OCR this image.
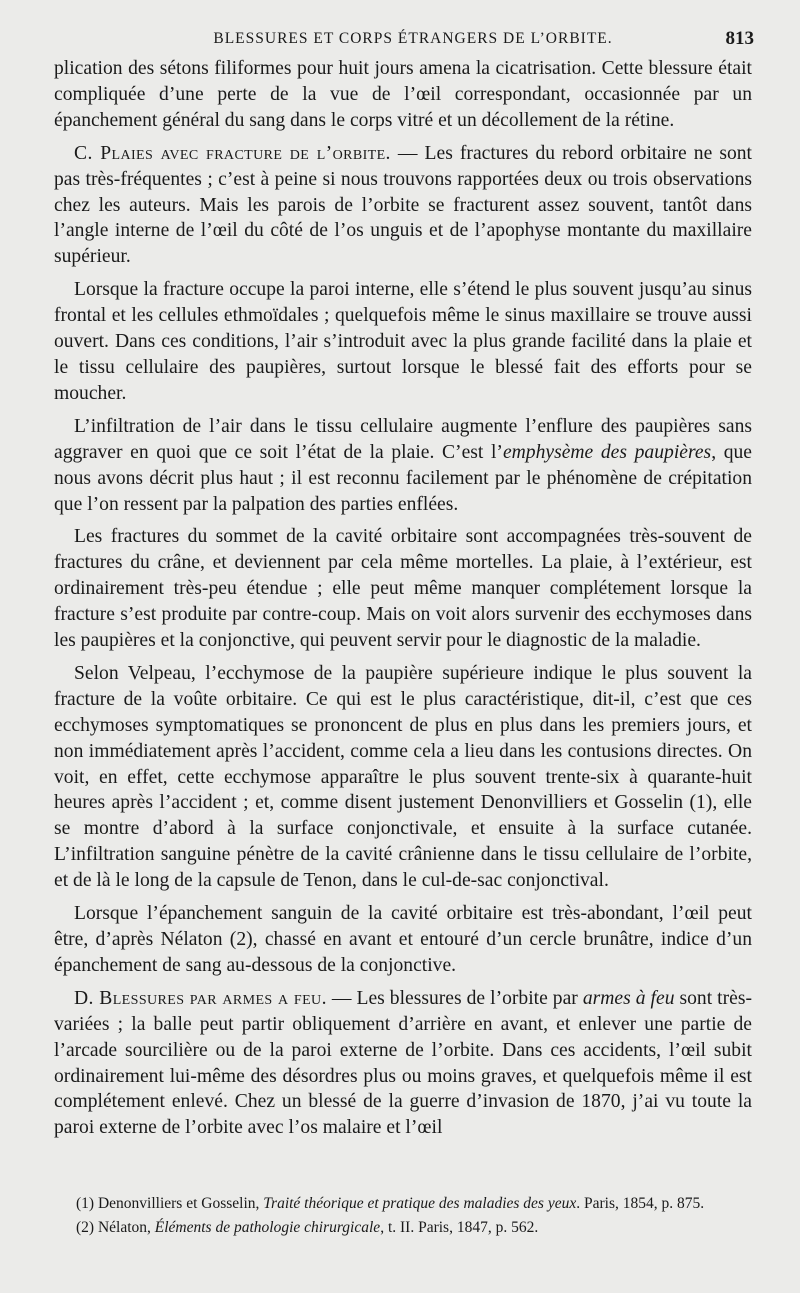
BLESSURES ET CORPS ÉTRANGERS DE L’ORBITE.	813

plication des sétons filiformes pour huit jours amena la cicatrisation. Cette blessure était compliquée d’une perte de la vue de l’œil correspondant, occasionnée par un épanchement général du sang dans le corps vitré et un décollement de la rétine.

C. Plaies avec fracture de l’orbite. — Les fractures du rebord orbitaire ne sont pas très-fréquentes ; c’est à peine si nous trouvons rapportées deux ou trois observations chez les auteurs. Mais les parois de l’orbite se fracturent assez souvent, tantôt dans l’angle interne de l’œil du côté de l’os unguis et de l’apophyse montante du maxillaire supérieur.

Lorsque la fracture occupe la paroi interne, elle s’étend le plus souvent jusqu’au sinus frontal et les cellules ethmoïdales ; quelquefois même le sinus maxillaire se trouve aussi ouvert. Dans ces conditions, l’air s’introduit avec la plus grande facilité dans la plaie et le tissu cellulaire des paupières, surtout lorsque le blessé fait des efforts pour se moucher.

L’infiltration de l’air dans le tissu cellulaire augmente l’enflure des paupières sans aggraver en quoi que ce soit l’état de la plaie. C’est l’emphysème des paupières, que nous avons décrit plus haut ; il est reconnu facilement par le phénomène de crépitation que l’on ressent par la palpation des parties enflées.

Les fractures du sommet de la cavité orbitaire sont accompagnées très-souvent de fractures du crâne, et deviennent par cela même mortelles. La plaie, à l’extérieur, est ordinairement très-peu étendue ; elle peut même manquer complétement lorsque la fracture s’est produite par contre-coup. Mais on voit alors survenir des ecchymoses dans les paupières et la conjonctive, qui peuvent servir pour le diagnostic de la maladie.

Selon Velpeau, l’ecchymose de la paupière supérieure indique le plus souvent la fracture de la voûte orbitaire. Ce qui est le plus caractéristique, dit-il, c’est que ces ecchymoses symptomatiques se prononcent de plus en plus dans les premiers jours, et non immédiatement après l’accident, comme cela a lieu dans les contusions directes. On voit, en effet, cette ecchymose apparaître le plus souvent trente-six à quarante-huit heures après l’accident ; et, comme disent justement Denonvilliers et Gosselin (1), elle se montre d’abord à la surface conjonctivale, et ensuite à la surface cutanée. L’infiltration sanguine pénètre de la cavité crânienne dans le tissu cellulaire de l’orbite, et de là le long de la capsule de Tenon, dans le cul-de-sac conjonctival.

Lorsque l’épanchement sanguin de la cavité orbitaire est très-abondant, l’œil peut être, d’après Nélaton (2), chassé en avant et entouré d’un cercle brunâtre, indice d’un épanchement de sang au-dessous de la conjonctive.

D. Blessures par armes a feu. — Les blessures de l’orbite par armes à feu sont très-variées ; la balle peut partir obliquement d’arrière en avant, et enlever une partie de l’arcade sourcilière ou de la paroi externe de l’orbite. Dans ces accidents, l’œil subit ordinairement lui-même des désordres plus ou moins graves, et quelquefois même il est complétement enlevé. Chez un blessé de la guerre d’invasion de 1870, j’ai vu toute la paroi externe de l’orbite avec l’os malaire et l’œil

(1) Denonvilliers et Gosselin, Traité théorique et pratique des maladies des yeux. Paris, 1854, p. 875.

(2) Nélaton, Éléments de pathologie chirurgicale, t. II. Paris, 1847, p. 562.
